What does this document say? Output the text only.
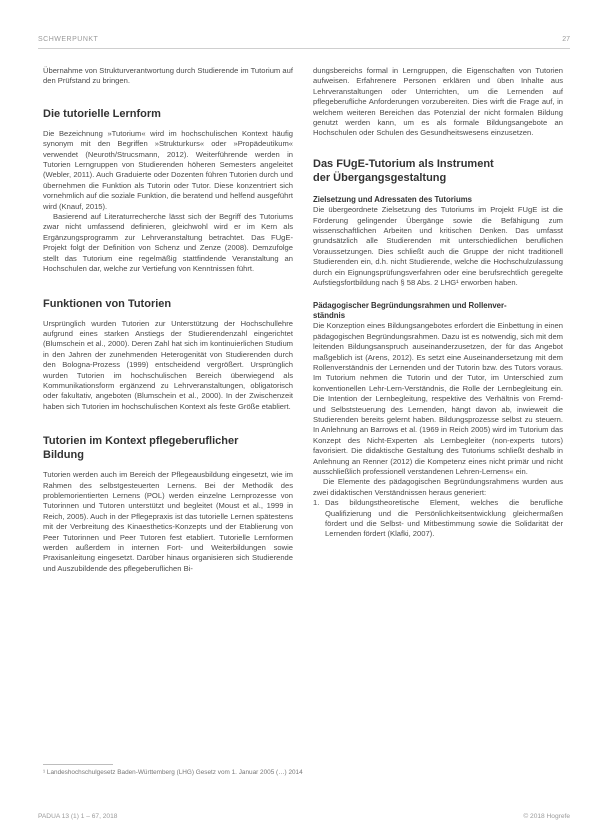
SCHWERPUNKT	27

Übernahme von Strukturverantwortung durch Studierende im Tutorium auf den Prüfstand zu bringen.

Die tutorielle Lernform

Die Bezeichnung »Tutorium« wird im hochschulischen Kontext häufig synonym mit den Begriffen »Strukturkurs« oder »Propädeutikum« verwendet (Neuroth/Strucsmann, 2012). Weiterführende werden in Tutorien Lerngruppen von Studierenden höheren Semesters angeleitet (Webler, 2011). Auch Graduierte oder Dozenten führen Tutorien durch und übernehmen die Funktion als Tutorin oder Tutor. Diese konzentriert sich vornehmlich auf die soziale Funktion, die beratend und helfend ausgeführt wird (Knauf, 2015).

Basierend auf Literaturrecherche lässt sich der Begriff des Tutoriums zwar nicht umfassend definieren, gleichwohl wird er im Kern als Ergänzungsprogramm zur Lehrveranstaltung betrachtet. Das FUgE-Projekt folgt der Definition von Schenz und Zenze (2008). Demzufolge stellt das Tutorium eine regelmäßig stattfindende Veranstaltung an Hochschulen dar, welche zur Vertiefung von Kenntnissen führt.

Funktionen von Tutorien

Ursprünglich wurden Tutorien zur Unterstützung der Hochschullehre aufgrund eines starken Anstiegs der Studierendenzahl eingerichtet (Blumschein et al., 2000). Deren Zahl hat sich im kontinuierlichen Studium in den Jahren der zunehmenden Heterogenität von Studierenden durch den Bologna-Prozess (1999) entscheidend vergrößert. Ursprünglich wurden Tutorien im hochschulischen Bereich überwiegend als Kommunikationsform ergänzend zu Lehrveranstaltungen, obligatorisch oder fakultativ, angeboten (Blumschein et al., 2000). In der Zwischenzeit haben sich Tutorien im hochschulischen Kontext als feste Größe etabliert.

Tutorien im Kontext pflegeberuflicher
Bildung

Tutorien werden auch im Bereich der Pflegeausbildung eingesetzt, wie im Rahmen des selbstgesteuerten Lernens. Bei der Methodik des problemorientierten Lernens (POL) werden einzelne Lernprozesse von Tutorinnen und Tutoren unterstützt und begleitet (Moust et al., 1999 in Reich, 2005). Auch in der Pflegepraxis ist das tutorielle Lernen spätestens mit der Verbreitung des Kinaesthetics-Konzepts und der Etablierung von Peer Tutorinnen und Peer Tutoren fest etabliert. Tutorielle Lernformen werden außerdem in internen Fort- und Weiterbildungen sowie Praxisanleitung eingesetzt. Darüber hinaus organisieren sich Studierende und Auszubildende des pflegeberuflichen Bi-

dungsbereichs formal in Lerngruppen, die Eigenschaften von Tutorien aufweisen. Erfahrenere Personen erklären und üben Inhalte aus Lehrveranstaltungen oder Unterrichten, um die Lernenden auf pflegeberufliche Anforderungen vorzubereiten. Dies wirft die Frage auf, in welchem weiteren Bereichen das Potenzial der nicht formalen Bildung genutzt werden kann, um es als formale Bildungsangebote an Hochschulen oder Schulen des Gesundheitswesens einzusetzen.

Das FUgE-Tutorium als Instrument
der Übergangsgestaltung
Zielsetzung und Adressaten des Tutoriums

Die übergeordnete Zielsetzung des Tutoriums im Projekt FUgE ist die Förderung gelingender Übergänge sowie die Befähigung zum wissenschaftlichen Arbeiten und kritischen Denken. Das umfasst grundsätzlich alle Studierenden mit unterschiedlichen beruflichen Voraussetzungen. Dies schließt auch die Gruppe der nicht traditionell Studierenden ein, d.h. nicht Studierende, welche die Hochschulzulassung durch ein Eignungsprüfungsverfahren oder eine berufsrechtlich geregelte Aufstiegsfortbildung nach § 58 Abs. 2 LHG¹ erworben haben.

Pädagogischer Begründungsrahmen und Rollenver-
ständnis

Die Konzeption eines Bildungsangebotes erfordert die Einbettung in einen pädagogischen Begründungsrahmen. Dazu ist es notwendig, sich mit dem leitenden Bildungsanspruch auseinanderzusetzen, der für das Angebot maßgeblich ist (Arens, 2012). Es setzt eine Auseinandersetzung mit dem Rollenverständnis der Lernenden und der Tutorin bzw. des Tutors voraus. Im Tutorium nehmen die Tutorin und der Tutor, im Unterschied zum konventionellen Lehr-Lern-Verständnis, die Rolle der Lernbegleitung ein. Die Intention der Lernbegleitung, respektive des Verhältnis von Fremd- und Selbststeuerung des Lernenden, hängt davon ab, inwieweit die Studierenden bereits gelernt haben. Bildungsprozesse selbst zu steuern. In Anlehnung an Barrows et al. (1969 in Reich 2005) wird im Tutorium das Konzept des Nicht-Experten als Lernbegleiter (non-experts tutors) favorisiert. Die didaktische Gestaltung des Tutoriums schließt deshalb in Anlehnung an Renner (2012) die Kompetenz eines nicht primär und nicht ausschließlich professionell verstandenen Lehren-Lernens« ein.

Die Elemente des pädagogischen Begründungsrahmens wurden aus zwei didaktischen Verständnissen heraus generiert:

1. Das bildungstheoretische Element, welches die berufliche Qualifizierung und die Persönlichkeitsentwicklung gleichermaßen fördert und die Selbst- und Mitbestimmung sowie die Solidarität der Lernenden fördert (Klafki, 2007).
¹ Landeshochschulgesetz Baden-Württemberg (LHG) Gesetz vom 1. Januar 2005 (…) 2014
PADUA 13 (1) 1 – 67, 2018	© 2018 Hogrefe
